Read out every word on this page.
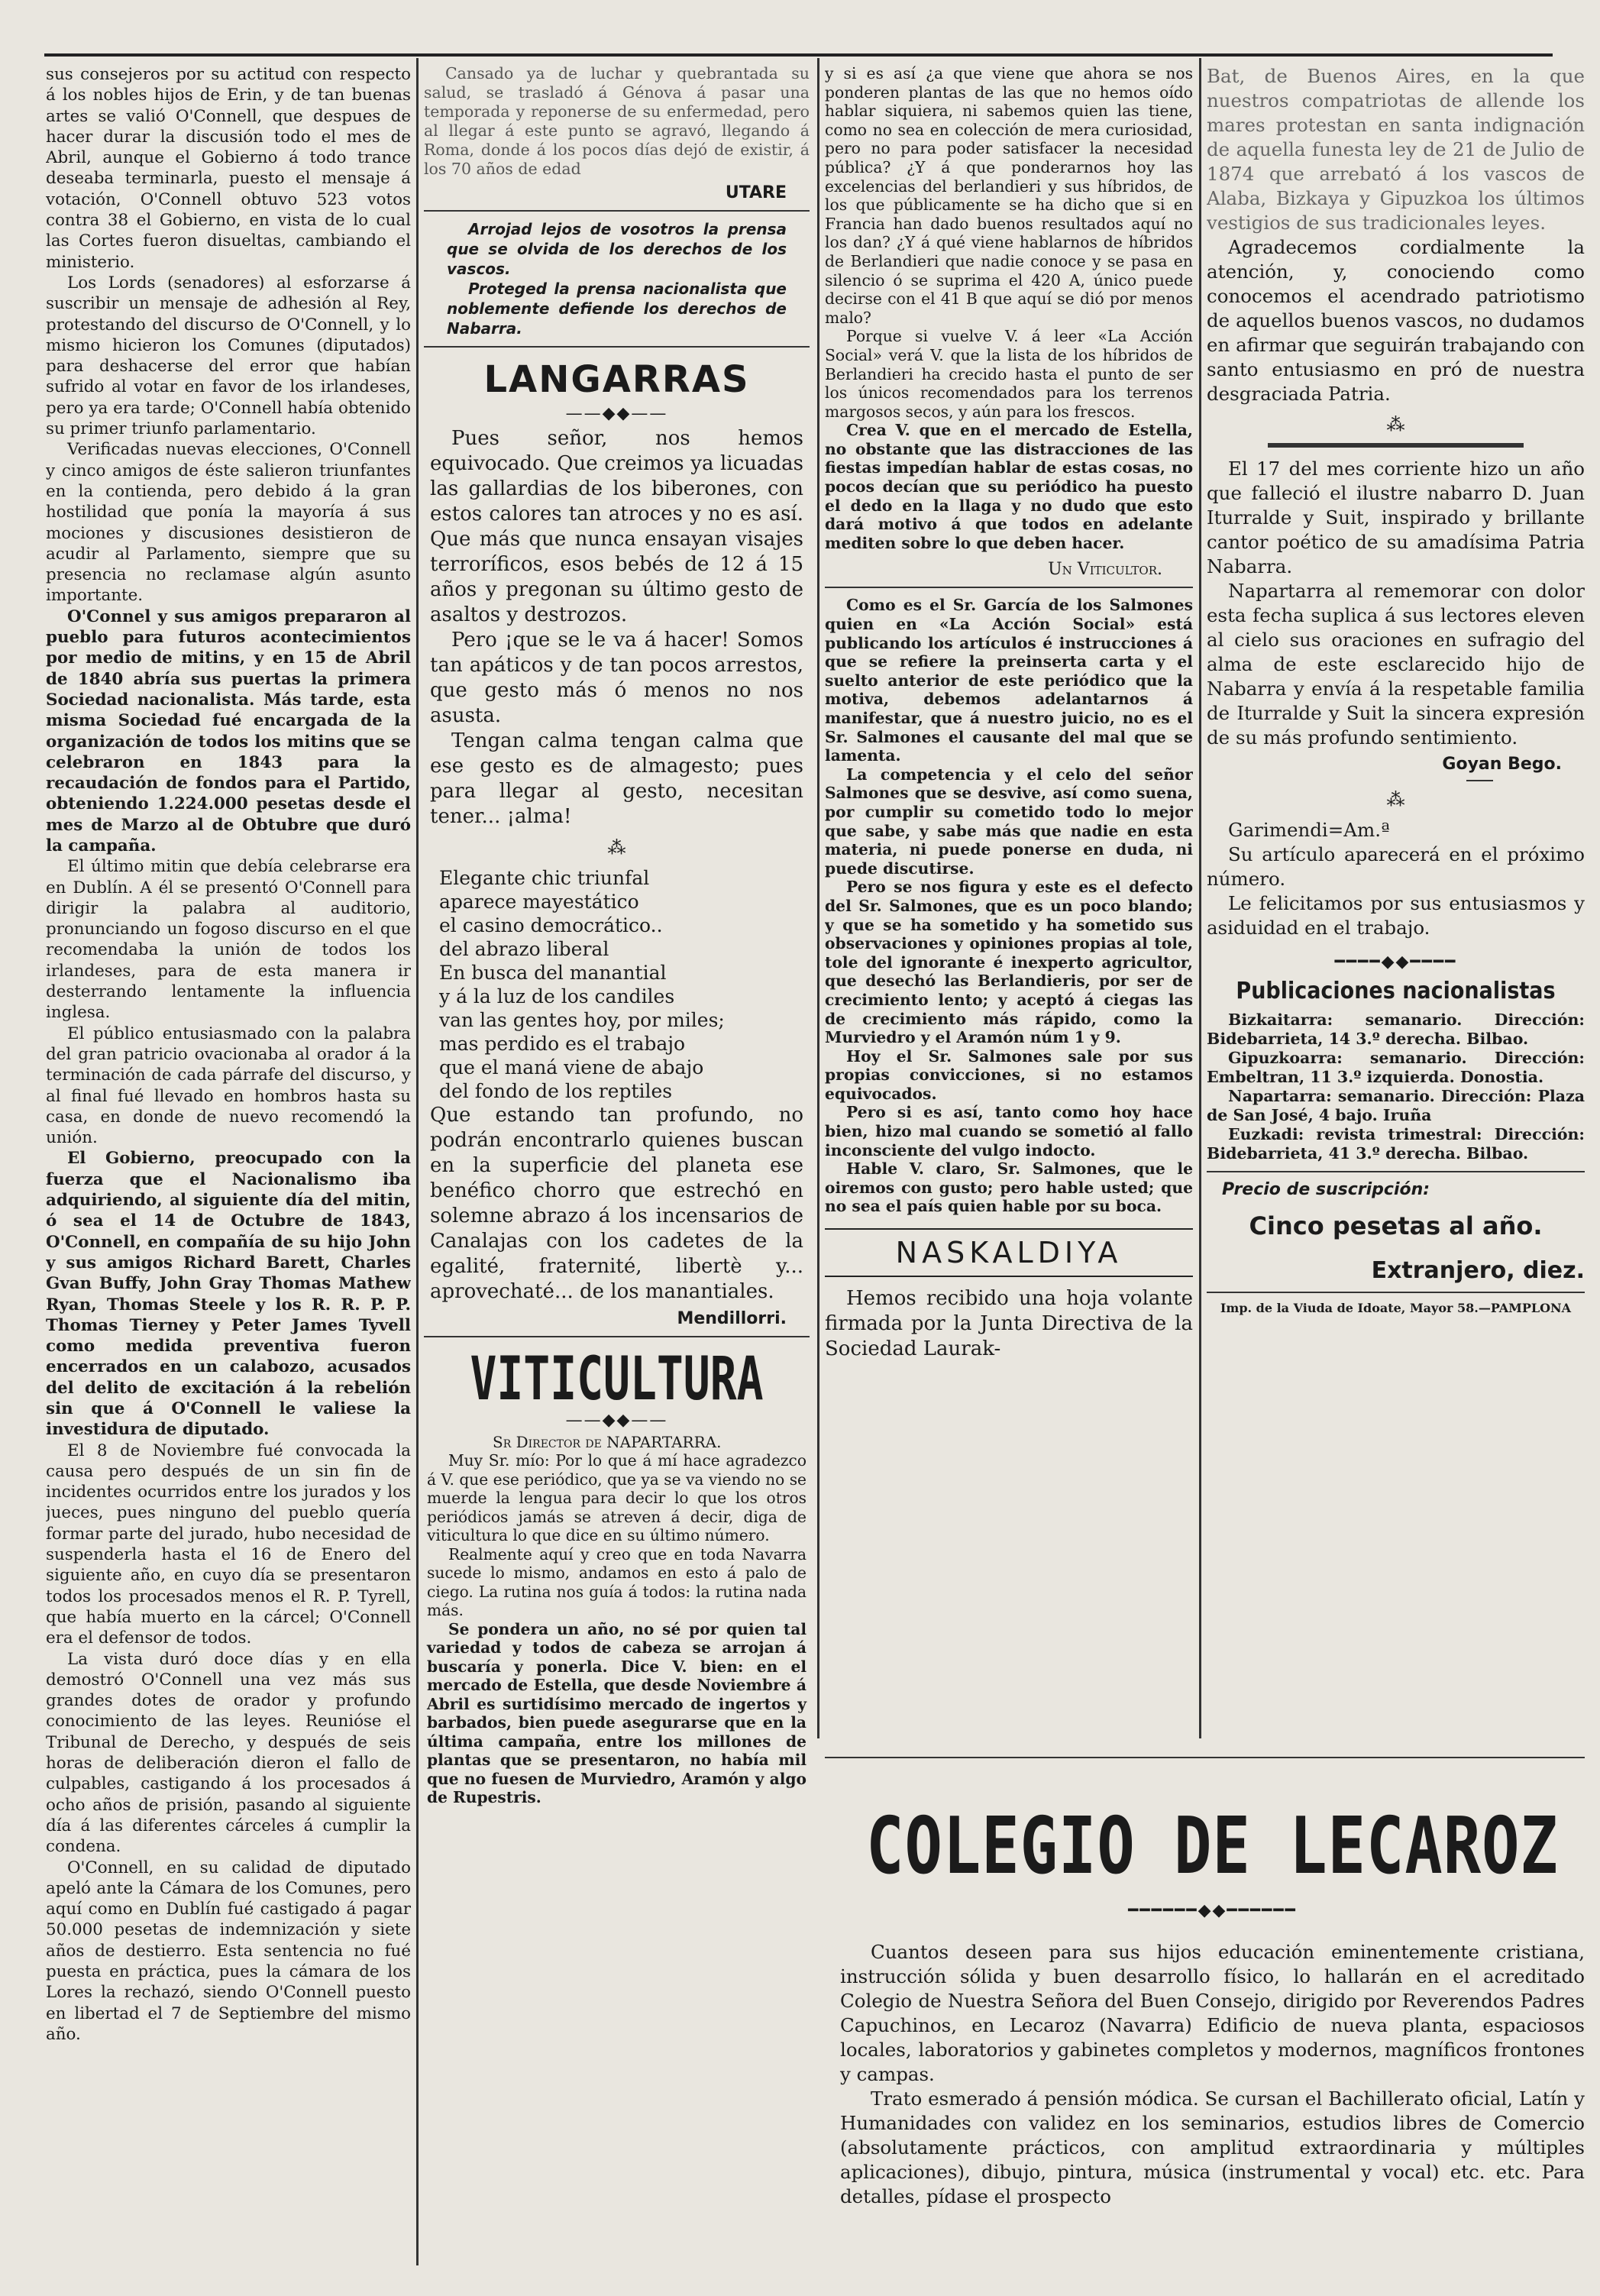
sus consejeros por su actitud con respecto á los nobles hijos de Erin, y de tan buenas artes se valió O'Connell, que despues de hacer durar la discusión todo el mes de Abril, aunque el Gobierno á todo trance deseaba terminarla, puesto el mensaje á votación, O'Connell obtuvo 523 votos contra 38 el Gobierno, en vista de lo cual las Cortes fueron disueltas, cambiando el ministerio.

Los Lords (senadores) al esforzarse á suscribir un mensaje de adhesión al Rey, protestando del discurso de O'Connell, y lo mismo hicieron los Comunes (diputados) para deshacerse del error que habían sufrido al votar en favor de los irlandeses, pero ya era tarde; O'Connell había obtenido su primer triunfo parlamentario.

Verificadas nuevas elecciones, O'Connell y cinco amigos de éste salieron triunfantes en la contienda, pero debido á la gran hostilidad que ponía la mayoría á sus mociones y discusiones desistieron de acudir al Parlamento, siempre que su presencia no reclamase algún asunto importante.

O'Connel y sus amigos prepararon al pueblo para futuros acontecimientos por medio de mitins, y en 15 de Abril de 1840 abría sus puertas la primera Sociedad nacionalista. Más tarde, esta misma Sociedad fué encargada de la organización de todos los mitins que se celebraron en 1843 para la recaudación de fondos para el Partido, obteniendo 1.224.000 pesetas desde el mes de Marzo al de Obtubre que duró la campaña.

El último mitin que debía celebrarse era en Dublín. A él se presentó O'Connell para dirigir la palabra al auditorio, pronunciando un fogoso discurso en el que recomendaba la unión de todos los irlandeses, para de esta manera ir desterrando lentamente la influencia inglesa.

El público entusiasmado con la palabra del gran patricio ovacionaba al orador á la terminación de cada párrafe del discurso, y al final fué llevado en hombros hasta su casa, en donde de nuevo recomendó la unión.

El Gobierno, preocupado con la fuerza que el Nacionalismo iba adquiriendo, al siguiente día del mitin, ó sea el 14 de Octubre de 1843, O'Connell, en compañía de su hijo John y sus amigos Richard Barett, Charles Gvan Buffy, John Gray Thomas Mathew Ryan, Thomas Steele y los R. R. P. P. Thomas Tierney y Peter James Tyvell como medida preventiva fueron encerrados en un calabozo, acusados del delito de excitación á la rebelión sin que á O'Connell le valiese la investidura de diputado.

El 8 de Noviembre fué convocada la causa pero después de un sin fin de incidentes ocurridos entre los jurados y los jueces, pues ninguno del pueblo quería formar parte del jurado, hubo necesidad de suspenderla hasta el 16 de Enero del siguiente año, en cuyo día se presentaron todos los procesados menos el R. P. Tyrell, que había muerto en la cárcel; O'Connell era el defensor de todos.

La vista duró doce días y en ella demostró O'Connell una vez más sus grandes dotes de orador y profundo conocimiento de las leyes. Reunióse el Tribunal de Derecho, y después de seis horas de deliberación dieron el fallo de culpables, castigando á los procesados á ocho años de prisión, pasando al siguiente día á las diferentes cárceles á cumplir la condena.

O'Connell, en su calidad de diputado apeló ante la Cámara de los Comunes, pero aquí como en Dublín fué castigado á pagar 50.000 pesetas de indemnización y siete años de destierro. Esta sentencia no fué puesta en práctica, pues la cámara de los Lores la rechazó, siendo O'Connell puesto en libertad el 7 de Septiembre del mismo año.

Cansado ya de luchar y quebrantada su salud, se trasladó á Génova á pasar una temporada y reponerse de su enfermedad, pero al llegar á este punto se agravó, llegando á Roma, donde á los pocos días dejó de existir, á los 70 años de edad

UTARE

Arrojad lejos de vosotros la prensa que se olvida de los derechos de los vascos.

Proteged la prensa nacionalista que noblemente defiende los derechos de Nabarra.

LANGARRAS
——◆◆——

Pues señor, nos hemos equivocado. Que creimos ya licuadas las gallardias de los biberones, con estos calores tan atroces y no es así. Que más que nunca ensayan visajes terroríficos, esos bebés de 12 á 15 años y pregonan su último gesto de asaltos y destrozos.

Pero ¡que se le va á hacer! Somos tan apáticos y de tan pocos arrestos, que gesto más ó menos no nos asusta.

Tengan calma tengan calma que ese gesto es de almagesto; pues para llegar al gesto, necesitan tener... ¡alma!

⁂
Elegante chic triunfal
aparece mayestático
el casino democrático..
del abrazo liberal
En busca del manantial
y á la luz de los candiles
van las gentes hoy, por miles;
mas perdido es el trabajo
que el maná viene de abajo
del fondo de los reptiles

Que estando tan profundo, no podrán encontrarlo quienes buscan en la superficie del planeta ese benéfico chorro que estrechó en solemne abrazo á los incensarios de Canalajas con los cadetes de la egalité, fraternité, libertè y... aprovechaté... de los manantiales.

Mendillorri.
VITICULTURA
——◆◆——
Sr Director de NAPARTARRA.

Muy Sr. mío: Por lo que á mí hace agradezco á V. que ese periódico, que ya se va viendo no se muerde la lengua para decir lo que los otros periódicos jamás se atreven á decir, diga de viticultura lo que dice en su último número.

Realmente aquí y creo que en toda Navarra sucede lo mismo, andamos en esto á palo de ciego. La rutina nos guía á todos: la rutina nada más.

Se pondera un año, no sé por quien tal variedad y todos de cabeza se arrojan á buscaría y ponerla. Dice V. bien: en el mercado de Estella, que desde Noviembre á Abril es surtidísimo mercado de ingertos y barbados, bien puede asegurarse que en la última campaña, entre los millones de plantas que se presentaron, no había mil que no fuesen de Murviedro, Aramón y algo de Rupestris.

y si es así ¿a que viene que ahora se nos ponderen plantas de las que no hemos oído hablar siquiera, ni sabemos quien las tiene, como no sea en colección de mera curiosidad, pero no para poder satisfacer la necesidad pública? ¿Y á que ponderarnos hoy las excelencias del berlandieri y sus híbridos, de los que públicamente se ha dicho que si en Francia han dado buenos resultados aquí no los dan? ¿Y á qué viene hablarnos de híbridos de Berlandieri que nadie conoce y se pasa en silencio ó se suprima el 420 A, único puede decirse con el 41 B que aquí se dió por menos malo?

Porque si vuelve V. á leer «La Acción Social» verá V. que la lista de los híbridos de Berlandieri ha crecido hasta el punto de ser los únicos recomendados para los terrenos margosos secos, y aún para los frescos.

Crea V. que en el mercado de Estella, no obstante que las distracciones de las fiestas impedían hablar de estas cosas, no pocos decían que su periódico ha puesto el dedo en la llaga y no dudo que esto dará motivo á que todos en adelante mediten sobre lo que deben hacer.

Un Viticultor.

Como es el Sr. García de los Salmones quien en «La Acción Social» está publicando los artículos é instrucciones á que se refiere la preinserta carta y el suelto anterior de este periódico que la motiva, debemos adelantarnos á manifestar, que á nuestro juicio, no es el Sr. Salmones el causante del mal que se lamenta.

La competencia y el celo del señor Salmones que se desvive, así como suena, por cumplir su cometido todo lo mejor que sabe, y sabe más que nadie en esta materia, ni puede ponerse en duda, ni puede discutirse.

Pero se nos figura y este es el defecto del Sr. Salmones, que es un poco blando; y que se ha sometido y ha sometido sus observaciones y opiniones propias al tole, tole del ignorante é inexperto agricultor, que desechó las Berlandieris, por ser de crecimiento lento; y aceptó á ciegas las de crecimiento más rápido, como la Murviedro y el Aramón núm 1 y 9.

Hoy el Sr. Salmones sale por sus propias convicciones, si no estamos equivocados.

Pero si es así, tanto como hoy hace bien, hizo mal cuando se sometió al fallo inconsciente del vulgo indocto.

Hable V. claro, Sr. Salmones, que le oiremos con gusto; pero hable usted; que no sea el país quien hable por su boca.

NASKALDIYA

Hemos recibido una hoja volante firmada por la Junta Directiva de la Sociedad Laurak-

Bat, de Buenos Aires, en la que nuestros compatriotas de allende los mares protestan en santa indignación de aquella funesta ley de 21 de Julio de 1874 que arrebató á los vascos de Alaba, Bizkaya y Gipuzkoa los últimos vestigios de sus tradicionales leyes.

Agradecemos cordialmente la atención, y, conociendo como conocemos el acendrado patriotismo de aquellos buenos vascos, no dudamos en afirmar que seguirán trabajando con santo entusiasmo en pró de nuestra desgraciada Patria.

⁂

El 17 del mes corriente hizo un año que falleció el ilustre nabarro D. Juan Iturralde y Suit, inspirado y brillante cantor poético de su amadísima Patria Nabarra.

Napartarra al rememorar con dolor esta fecha suplica á sus lectores eleven al cielo sus oraciones en sufragio del alma de este esclarecido hijo de Nabarra y envía á la respetable familia de Iturralde y Suit la sincera expresión de su más profundo sentimiento.

Goyan Bego.
⁂

Garimendi=Am.ª

Su artículo aparecerá en el próximo número.

Le felicitamos por sus entusiasmos y asiduidad en el trabajo.

━━━━◆◆━━━━
Publicaciones nacionalistas

Bizkaitarra: semanario. Dirección: Bidebarrieta, 14 3.º derecha. Bilbao.

Gipuzkoarra: semanario. Dirección: Embeltran, 11 3.º izquierda. Donostia.

Napartarra: semanario. Dirección: Plaza de San José, 4 bajo. Iruña

Euzkadi: revista trimestral: Dirección: Bidebarrieta, 41 3.º derecha. Bilbao.

Precio de suscripción:
Cinco pesetas al año.
Extranjero, diez.
Imp. de la Viuda de Idoate, Mayor 58.—PAMPLONA
COLEGIO DE LECAROZ
━━━━━━◆◆━━━━━━

Cuantos deseen para sus hijos educación eminentemente cristiana, instrucción sólida y buen desarrollo físico, lo hallarán en el acreditado Colegio de Nuestra Señora del Buen Consejo, dirigido por Reverendos Padres Capuchinos, en Lecaroz (Navarra) Edificio de nueva planta, espaciosos locales, laboratorios y gabinetes completos y modernos, magníficos frontones y campas.

Trato esmerado á pensión módica. Se cursan el Bachillerato oficial, Latín y Humanidades con validez en los seminarios, estudios libres de Comercio (absolutamente prácticos, con amplitud extraordinaria y múltiples aplicaciones), dibujo, pintura, música (instrumental y vocal) etc. etc. Para detalles, pídase el prospecto
